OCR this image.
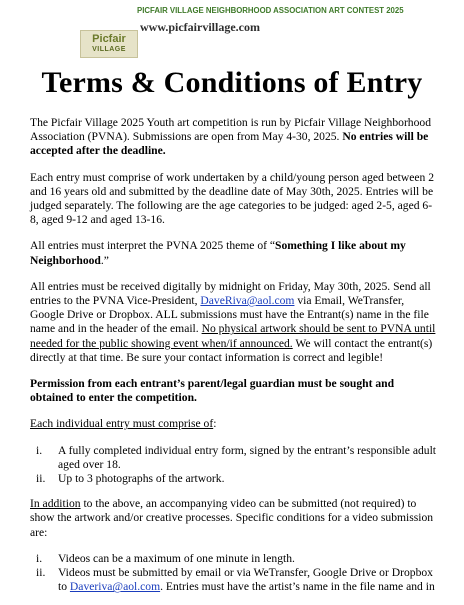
Picfair
VILLAGE
PICFAIR VILLAGE NEIGHBORHOOD ASSOCIATION ART CONTEST 2025
www.picfairvillage.com
Terms & Conditions of Entry

The Picfair Village 2025 Youth art competition is run by Picfair Village Neighborhood Association (PVNA). Submissions are open from May 4-30, 2025. No entries will be accepted after the deadline.

Each entry must comprise of work undertaken by a child/young person aged between 2 and 16 years old and submitted by the deadline date of May 30th, 2025. Entries will be judged separately. The following are the age categories to be judged: aged 2-5, aged 6-8, aged 9-12 and aged 13-16.

All entries must interpret the PVNA 2025 theme of “Something I like about my Neighborhood.”

All entries must be received digitally by midnight on Friday, May 30th, 2025. Send all entries to the PVNA Vice-President, DaveRiva@aol.com via Email, WeTransfer, Google Drive or Dropbox. ALL submissions must have the Entrant(s) name in the file name and in the header of the email. No physical artwork should be sent to PVNA until needed for the public showing event when/if announced. We will contact the entrant(s) directly at that time. Be sure your contact information is correct and legible!

Permission from each entrant’s parent/legal guardian must be sought and obtained to enter the competition.

Each individual entry must comprise of:

i. A fully completed individual entry form, signed by the entrant’s responsible adult aged over 18.
ii. Up to 3 photographs of the artwork.

In addition to the above, an accompanying video can be submitted (not required) to show the artwork and/or creative processes. Specific conditions for a video submission are:

i. Videos can be a maximum of one minute in length.
ii. Videos must be submitted by email or via WeTransfer, Google Drive or Dropbox to Daveriva@aol.com. Entries must have the artist’s name in the file name and in
